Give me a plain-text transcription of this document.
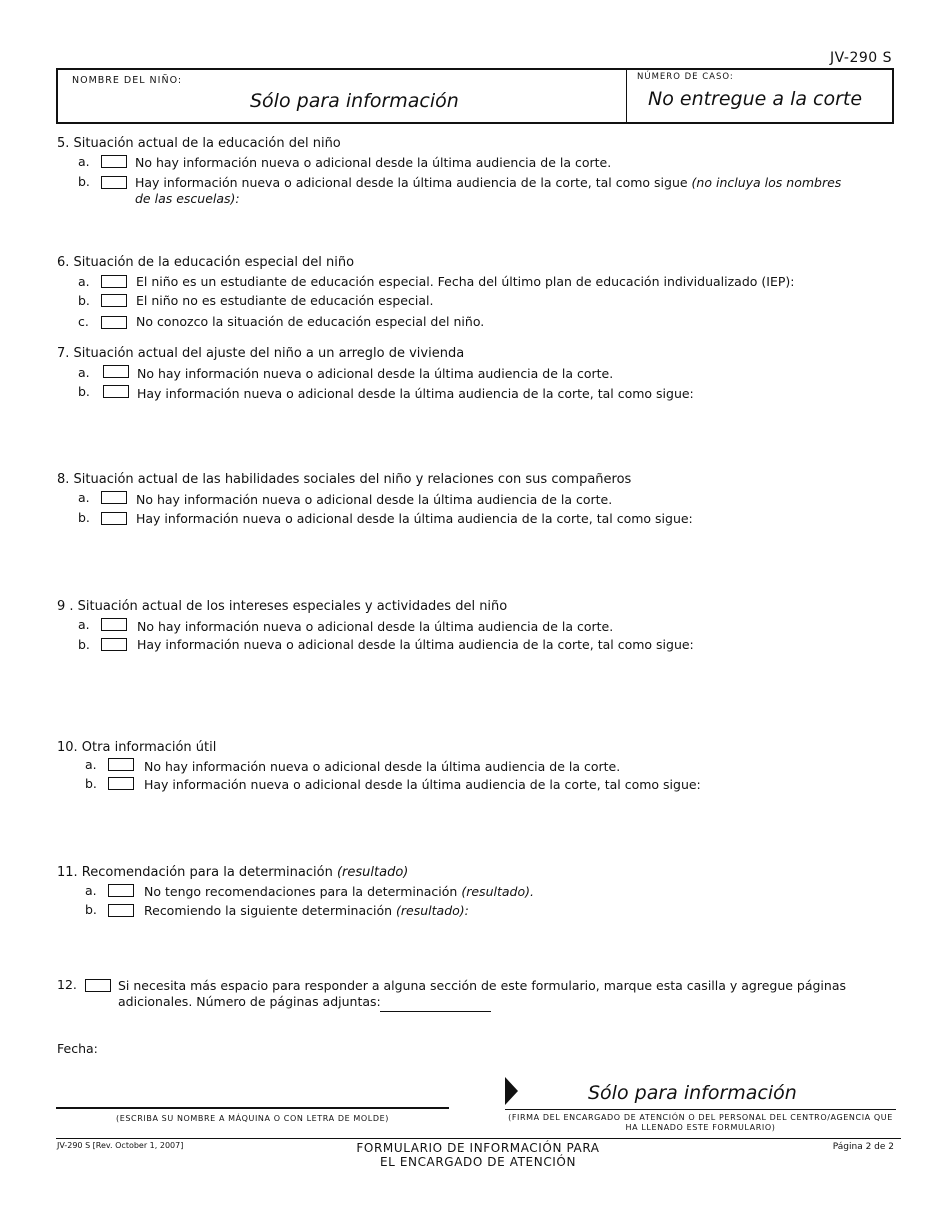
JV-290 S
NOMBRE DEL NIÑO:
Sólo para información
NÚMERO DE CASO:
No entregue a la corte
5. Situación actual de la educación del niño
a.	No hay información nueva o adicional desde la última audiencia de la corte.
b.	Hay información nueva o adicional desde la última audiencia de la corte, tal como sigue (no incluya los nombres de las escuelas):
6. Situación de la educación especial del niño
a.	El niño es un estudiante de educación especial. Fecha del último plan de educación individualizado (IEP):
b.	El niño no es estudiante de educación especial.
c.	No conozco la situación de educación especial del niño.
7. Situación actual del ajuste del niño a un arreglo de vivienda
a.	No hay información nueva o adicional desde la última audiencia de la corte.
b.	Hay información nueva o adicional desde la última audiencia de la corte, tal como sigue:
8. Situación actual de las habilidades sociales del niño y relaciones con sus compañeros
a.	No hay información nueva o adicional desde la última audiencia de la corte.
b.	Hay información nueva o adicional desde la última audiencia de la corte, tal como sigue:
9 . Situación actual de los intereses especiales y actividades del niño
a.	No hay información nueva o adicional desde la última audiencia de la corte.
b.	Hay información nueva o adicional desde la última audiencia de la corte, tal como sigue:
10. Otra información útil
a.	No hay información nueva o adicional desde la última audiencia de la corte.
b.	Hay información nueva o adicional desde la última audiencia de la corte, tal como sigue:
11. Recomendación para la determinación (resultado)
a.	No tengo recomendaciones para la determinación (resultado).
b.	Recomiendo la siguiente determinación (resultado):
12.	Si necesita más espacio para responder a alguna sección de este formulario, marque esta casilla y agregue páginas adicionales. Número de páginas adjuntas:
Fecha:
Sólo para información
(ESCRIBA SU NOMBRE A MÁQUINA O CON LETRA DE MOLDE)	(FIRMA DEL ENCARGADO DE ATENCIÓN O DEL PERSONAL DEL CENTRO/AGENCIA QUE HA LLENADO ESTE FORMULARIO)
JV-290 S [Rev. October 1, 2007]	FORMULARIO DE INFORMACIÓN PARA
EL ENCARGADO DE ATENCIÓN
Página 2 de 2
